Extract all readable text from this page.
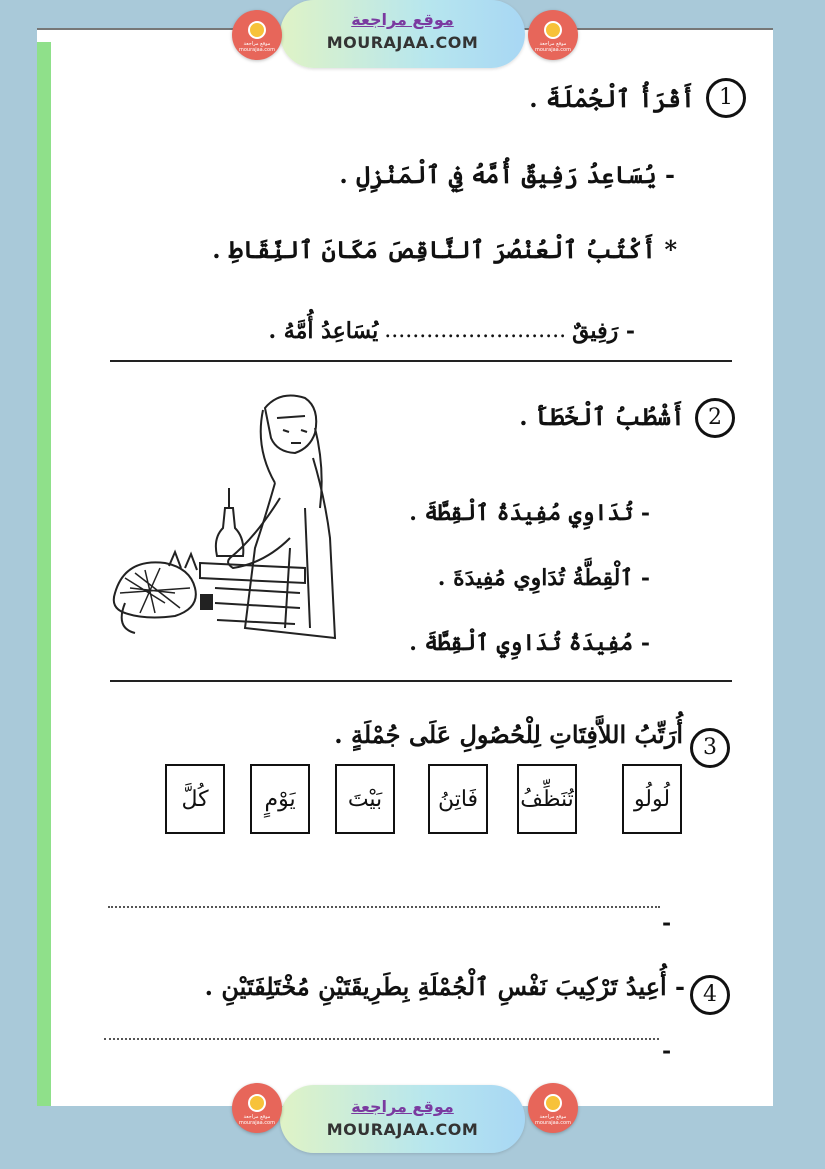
موقع مراجعة
MOURAJAA.COM
موقع مراجعة mourajaa.com
موقع مراجعة mourajaa.com
1
أَقْرَأُ ٱلْجُمْلَةَ .
- يُسَاعِدُ رَفِيقٌ أُمَّهُ فِي ٱلْمَنْزِلِ .
* أَكْتُبُ ٱلْعُنْصُرَ ٱلنَّاقِصَ مَكَانَ ٱلنِّقَاطِ .
- رَفِيقٌ
..........................
يُسَاعِدُ أُمَّهُ .
2
أَشْطُبُ ٱلْخَطَأَ .
- تُدَاوِي مُفِيدَةُ ٱلْقِطَّةَ .
- ٱلْقِطَّةُ تُدَاوِي مُفِيدَةَ .
- مُفِيدَةُ تُدَاوِي ٱلْقِطَّةَ .
3
أُرَتِّبُ اللاَّفِتَاتِ لِلْحُصُولِ عَلَى جُمْلَةٍ .
لُولُو
تُنَظِّفُ
فَاتِنُ
بَيْتَ
يَوْمٍ
كُلَّ
-
4
- أُعِيدُ تَرْكِيبَ نَفْسِ ٱلْجُمْلَةِ بِطَرِيقَتَيْنِ مُخْتَلِفَتَيْنِ .
-
موقع مراجعة
MOURAJAA.COM
موقع مراجعة mourajaa.com
موقع مراجعة mourajaa.com
